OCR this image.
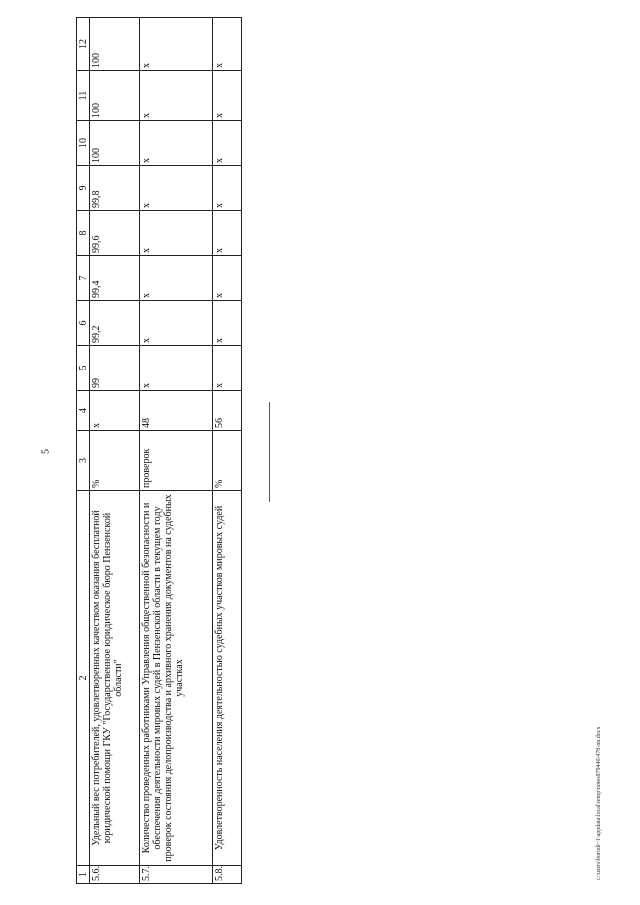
5
1	2	3	4	5	6	7	8	9	10	11	12
5.6.	Удельный вес потребителей, удовлетворенных качеством оказания бесплатной юридической помощи ГКУ "Государственное юридическое бюро Пензенской области"	%	x	99	99,2	99,4	99,6	99,8	100	100	100
5.7.	Количество проведенных работниками Управления общественной безопасности и обеспечения деятельности мировых судей в Пензенской области в текущем году проверок состояния делопроизводства и архивного хранения документов на судебных участках	проверок	48	x	x	x	x	x	x	x	x
5.8.	Удовлетворенность населения деятельностью судебных участков мировых судей	%	56	x	x	x	x	x	x	x	x
c:\users\borodi~1\appdata\local\temp\notes879446\478-nn.docx
